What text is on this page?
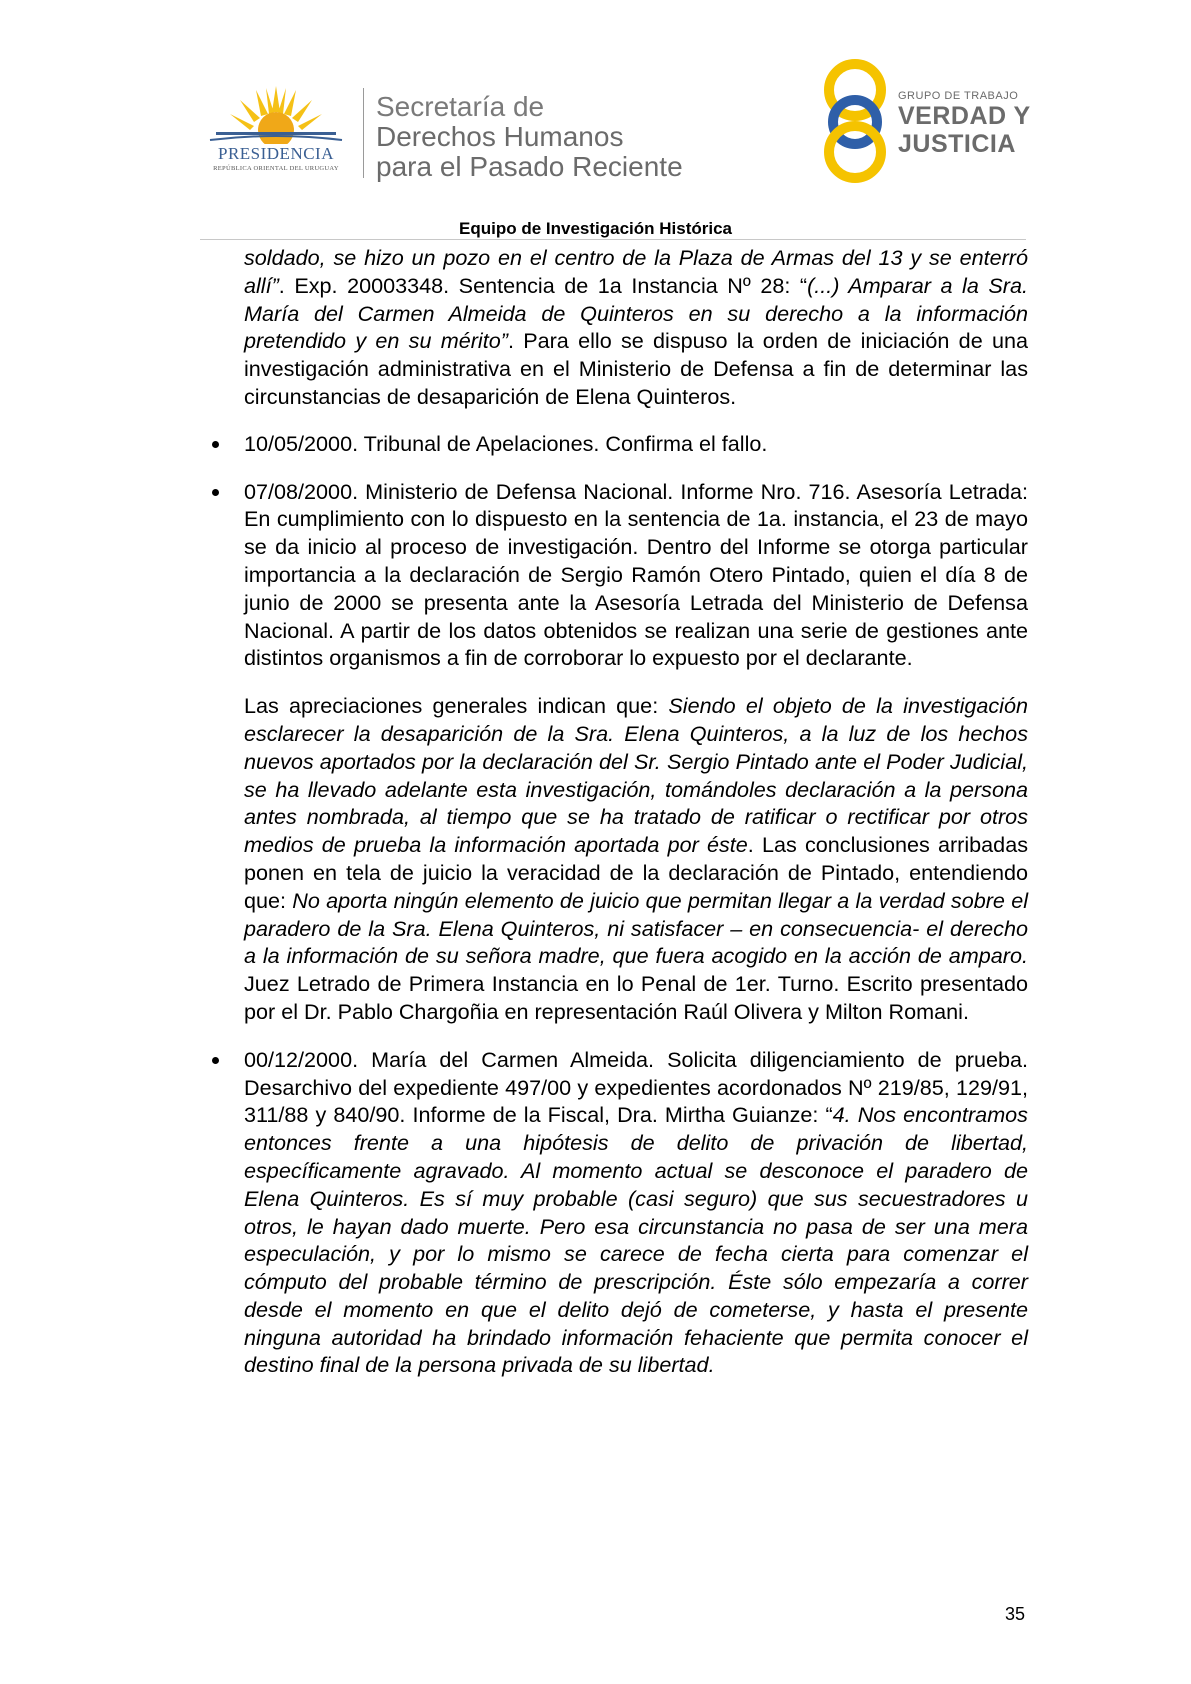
PRESIDENCIA
REPÚBLICA ORIENTAL DEL URUGUAY
Secretaría de
Derechos Humanos
para el Pasado Reciente
GRUPO DE TRABAJO
VERDAD Y
JUSTICIA
Equipo de Investigación Histórica

soldado, se hizo un pozo en el centro de la Plaza de Armas del 13 y se enterró allí”. Exp. 20003348. Sentencia de 1a Instancia Nº 28: “(...) Amparar a la Sra. María del Carmen Almeida de Quinteros en su derecho a la información pretendido y en su mérito”. Para ello se dispuso la orden de iniciación de una investigación administrativa en el Ministerio de Defensa a fin de determinar las circunstancias de desaparición de Elena Quinteros.

10/05/2000. Tribunal de Apelaciones. Confirma el fallo.

07/08/2000. Ministerio de Defensa Nacional. Informe Nro. 716. Asesoría Letrada: En cumplimiento con lo dispuesto en la sentencia de 1a. instancia, el 23 de mayo se da inicio al proceso de investigación. Dentro del Informe se otorga particular importancia a la declaración de Sergio Ramón Otero Pintado, quien el día 8 de junio de 2000 se presenta ante la Asesoría Letrada del Ministerio de Defensa Nacional. A partir de los datos obtenidos se realizan una serie de gestiones ante distintos organismos a fin de corroborar lo expuesto por el declarante.

Las apreciaciones generales indican que: Siendo el objeto de la investigación esclarecer la desaparición de la Sra. Elena Quinteros, a la luz de los hechos nuevos aportados por la declaración del Sr. Sergio Pintado ante el Poder Judicial, se ha llevado adelante esta investigación, tomándoles declaración a la persona antes nombrada, al tiempo que se ha tratado de ratificar o rectificar por otros medios de prueba la información aportada por éste. Las conclusiones arribadas ponen en tela de juicio la veracidad de la declaración de Pintado, entendiendo que: No aporta ningún elemento de juicio que permitan llegar a la verdad sobre el paradero de la Sra. Elena Quinteros, ni satisfacer – en consecuencia- el derecho a la información de su señora madre, que fuera acogido en la acción de amparo. Juez Letrado de Primera Instancia en lo Penal de 1er. Turno. Escrito presentado por el Dr. Pablo Chargoñia en representación Raúl Olivera y Milton Romani.

00/12/2000. María del Carmen Almeida. Solicita diligenciamiento de prueba. Desarchivo del expediente 497/00 y expedientes acordonados Nº 219/85, 129/91, 311/88 y 840/90. Informe de la Fiscal, Dra. Mirtha Guianze: “4. Nos encontramos entonces frente a una hipótesis de delito de privación de libertad, específicamente agravado. Al momento actual se desconoce el paradero de Elena Quinteros. Es sí muy probable (casi seguro) que sus secuestradores u otros, le hayan dado muerte. Pero esa circunstancia no pasa de ser una mera especulación, y por lo mismo se carece de fecha cierta para comenzar el cómputo del probable término de prescripción. Éste sólo empezaría a correr desde el momento en que el delito dejó de cometerse, y hasta el presente ninguna autoridad ha brindado información fehaciente que permita conocer el destino final de la persona privada de su libertad.

35
